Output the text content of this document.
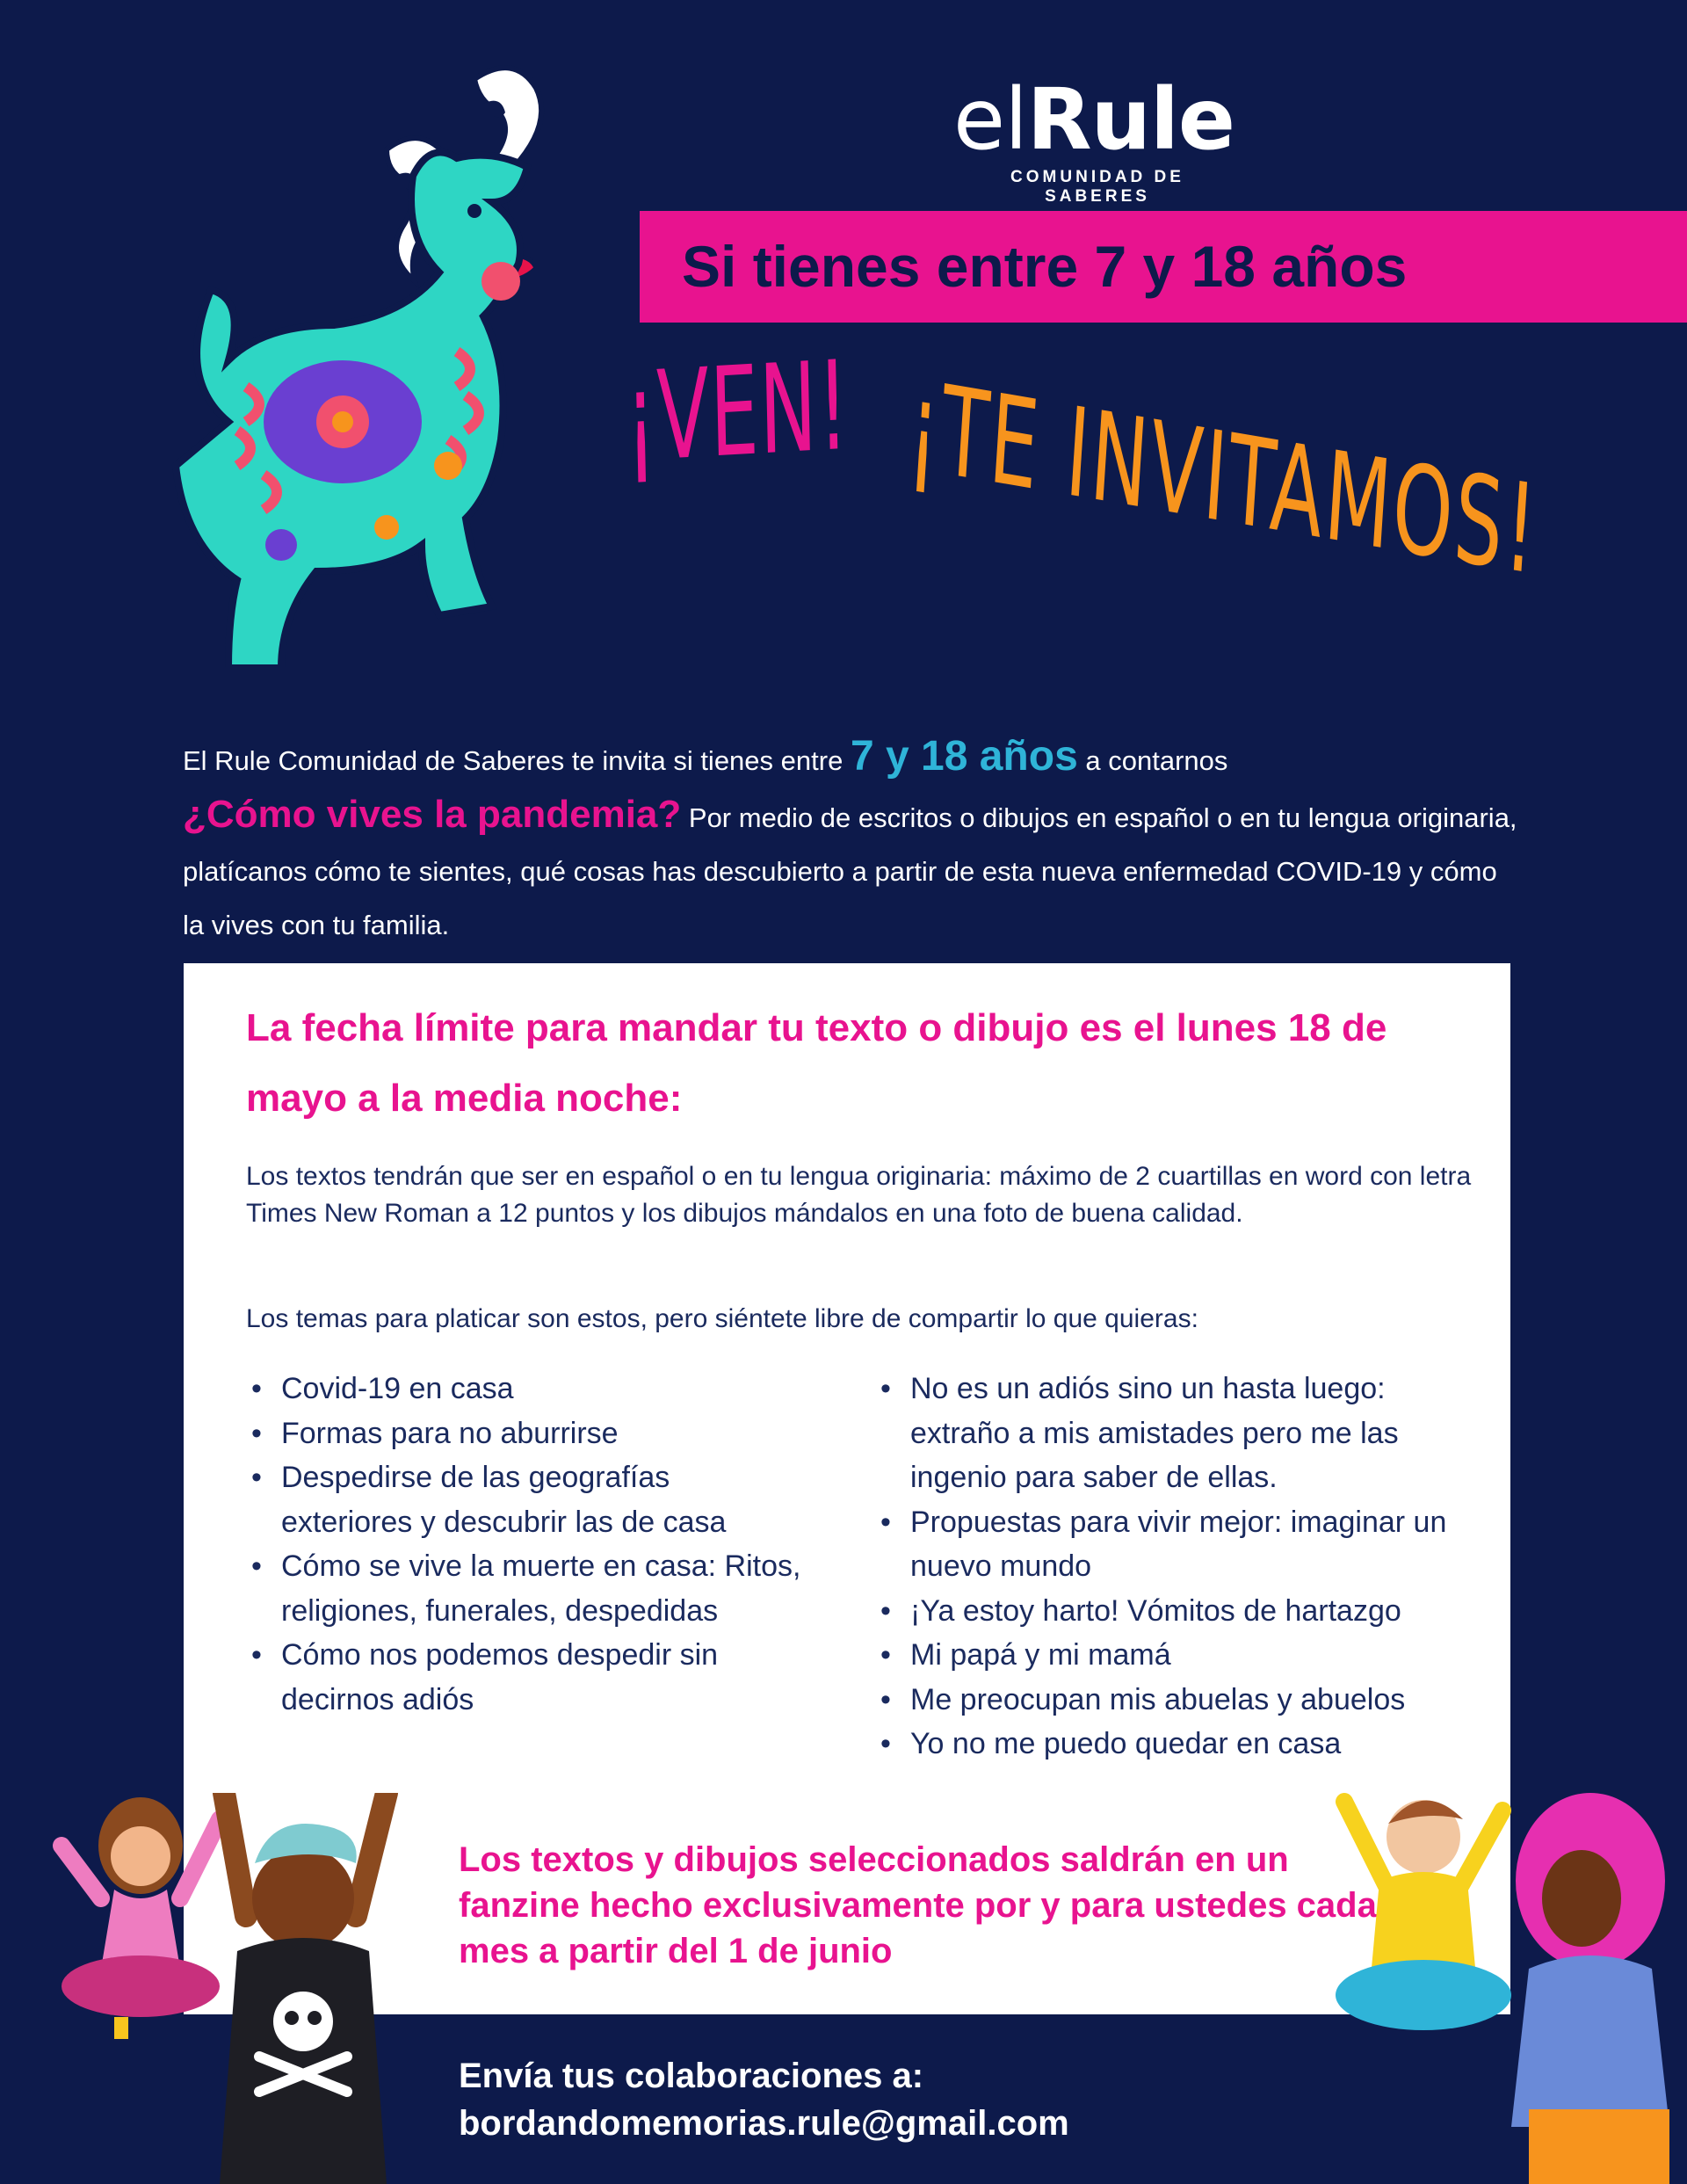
elRule
COMUNIDAD DE SABERES
Si tienes entre 7 y 18 años
¡VEN! ¡TE INVITAMOS!
El Rule Comunidad de Saberes te invita si tienes entre 7 y 18 años a contarnos
¿Cómo vives la pandemia? Por medio de escritos o dibujos en español o en tu lengua originaria, platícanos cómo te sientes, qué cosas has descubierto a partir de esta nueva enfermedad COVID-19 y cómo la vives con tu familia.
La fecha límite para mandar tu texto o dibujo es el lunes 18 de mayo a la media noche:
Los textos tendrán que ser en español o en tu lengua originaria: máximo de 2 cuartillas en word con letra Times New Roman a 12 puntos y los dibujos mándalos en una foto de buena calidad.
Los temas para platicar son estos, pero siéntete libre de compartir lo que quieras:
• Covid-19 en casa
• Formas para no aburrirse
• Despedirse de las geografías exteriores y descubrir las de casa
• Cómo se vive la muerte en casa: Ritos, religiones, funerales, despedidas
• Cómo nos podemos despedir sin decirnos adiós
• No es un adiós sino un hasta luego: extraño a mis amistades pero me las ingenio para saber de ellas.
• Propuestas para vivir mejor: imaginar un nuevo mundo
• ¡Ya estoy harto! Vómitos de hartazgo
• Mi papá y mi mamá
• Me preocupan mis abuelas y abuelos
• Yo no me puedo quedar en casa
Los textos y dibujos seleccionados saldrán en un fanzine hecho exclusivamente por y para ustedes cada mes a partir del 1 de junio
Envía tus colaboraciones a:
bordandomemorias.rule@gmail.com
